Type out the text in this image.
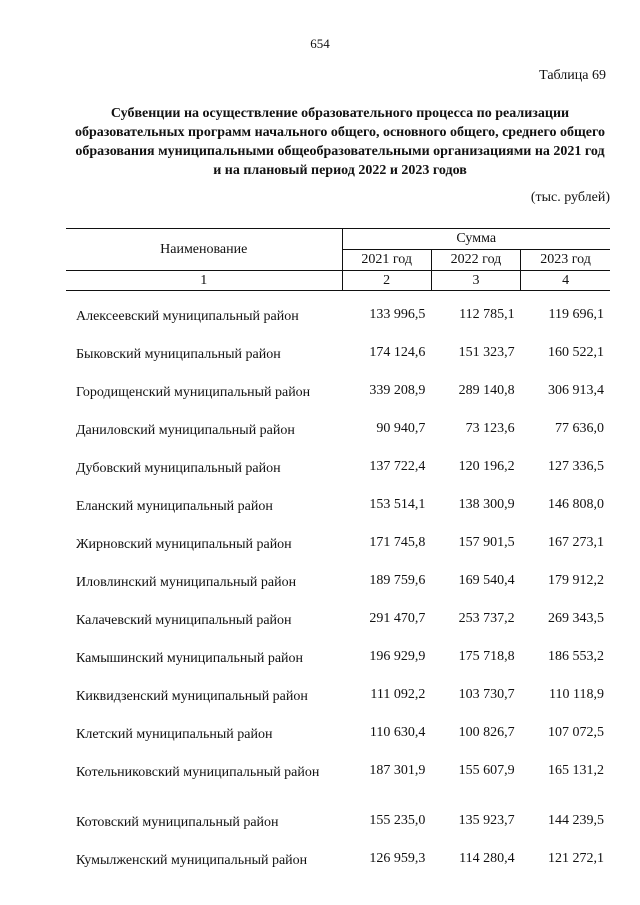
654
Таблица 69
Субвенции на осуществление образовательного процесса по реализации образовательных программ начального общего, основного общего, среднего общего образования муниципальными общеобразовательными организациями на 2021 год и на плановый период 2022 и 2023 годов
(тыс. рублей)
Наименование	Сумма		
	2021 год	2022 год	2023 год
1	2	3	4

Алексеевский муниципальный район	133 996,5	112 785,1	119 696,1
Быковский муниципальный район	174 124,6	151 323,7	160 522,1
Городищенский муниципальный район	339 208,9	289 140,8	306 913,4
Даниловский муниципальный район	90 940,7	73 123,6	77 636,0
Дубовский муниципальный район	137 722,4	120 196,2	127 336,5
Еланский муниципальный район	153 514,1	138 300,9	146 808,0
Жирновский муниципальный район	171 745,8	157 901,5	167 273,1
Иловлинский муниципальный район	189 759,6	169 540,4	179 912,2
Калачевский муниципальный район	291 470,7	253 737,2	269 343,5
Камышинский муниципальный район	196 929,9	175 718,8	186 553,2
Киквидзенский муниципальный район	111 092,2	103 730,7	110 118,9
Клетский муниципальный район	110 630,4	100 826,7	107 072,5
Котельниковский муниципальный район	187 301,9	155 607,9	165 131,2
Котовский муниципальный район	155 235,0	135 923,7	144 239,5
Кумылженский муниципальный район	126 959,3	114 280,4	121 272,1
